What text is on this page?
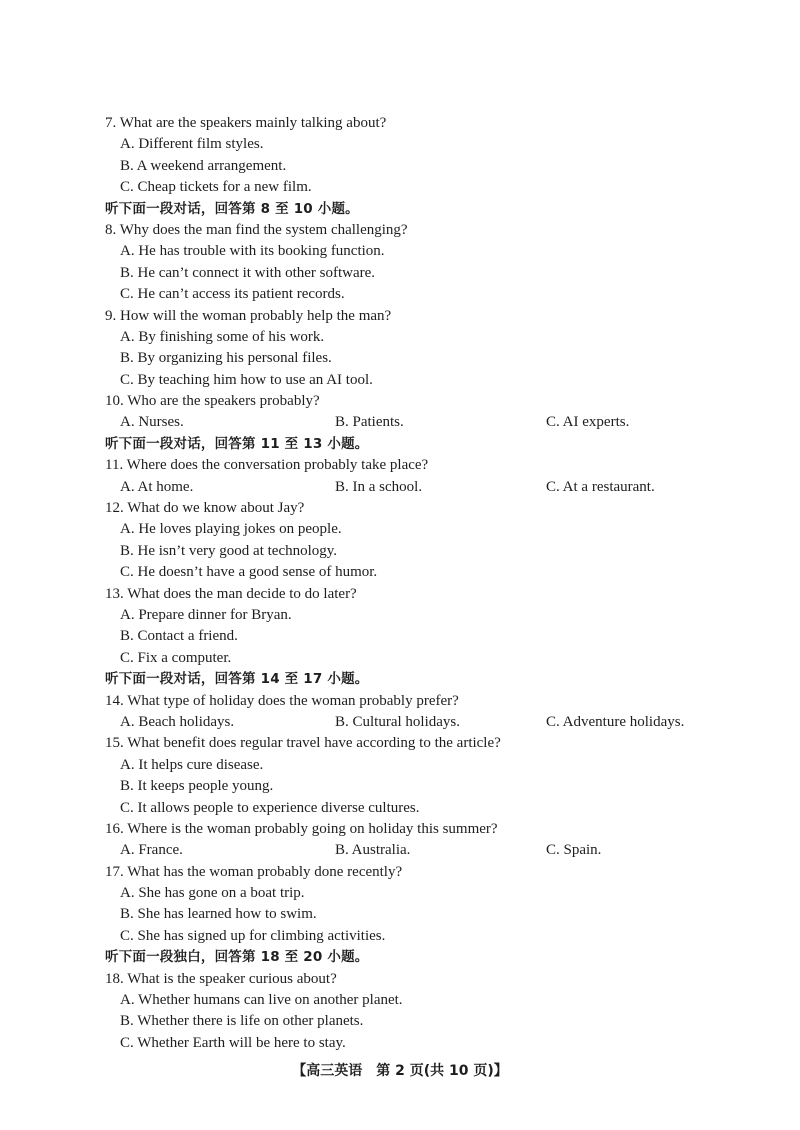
7. What are the speakers mainly talking about?
A. Different film styles.
B. A weekend arrangement.
C. Cheap tickets for a new film.
听下面一段对话，回答第 8 至 10 小题。
8. Why does the man find the system challenging?
A. He has trouble with its booking function.
B. He can’t connect it with other software.
C. He can’t access its patient records.
9. How will the woman probably help the man?
A. By finishing some of his work.
B. By organizing his personal files.
C. By teaching him how to use an AI tool.
10. Who are the speakers probably?
A. Nurses.	B. Patients.	C. AI experts.
听下面一段对话，回答第 11 至 13 小题。
11. Where does the conversation probably take place?
A. At home.	B. In a school.	C. At a restaurant.
12. What do we know about Jay?
A. He loves playing jokes on people.
B. He isn’t very good at technology.
C. He doesn’t have a good sense of humor.
13. What does the man decide to do later?
A. Prepare dinner for Bryan.
B. Contact a friend.
C. Fix a computer.
听下面一段对话，回答第 14 至 17 小题。
14. What type of holiday does the woman probably prefer?
A. Beach holidays.	B. Cultural holidays.	C. Adventure holidays.
15. What benefit does regular travel have according to the article?
A. It helps cure disease.
B. It keeps people young.
C. It allows people to experience diverse cultures.
16. Where is the woman probably going on holiday this summer?
A. France.	B. Australia.	C. Spain.
17. What has the woman probably done recently?
A. She has gone on a boat trip.
B. She has learned how to swim.
C. She has signed up for climbing activities.
听下面一段独白，回答第 18 至 20 小题。
18. What is the speaker curious about?
A. Whether humans can live on another planet.
B. Whether there is life on other planets.
C. Whether Earth will be here to stay.
【高三英语　第 2 页(共 10 页)】
